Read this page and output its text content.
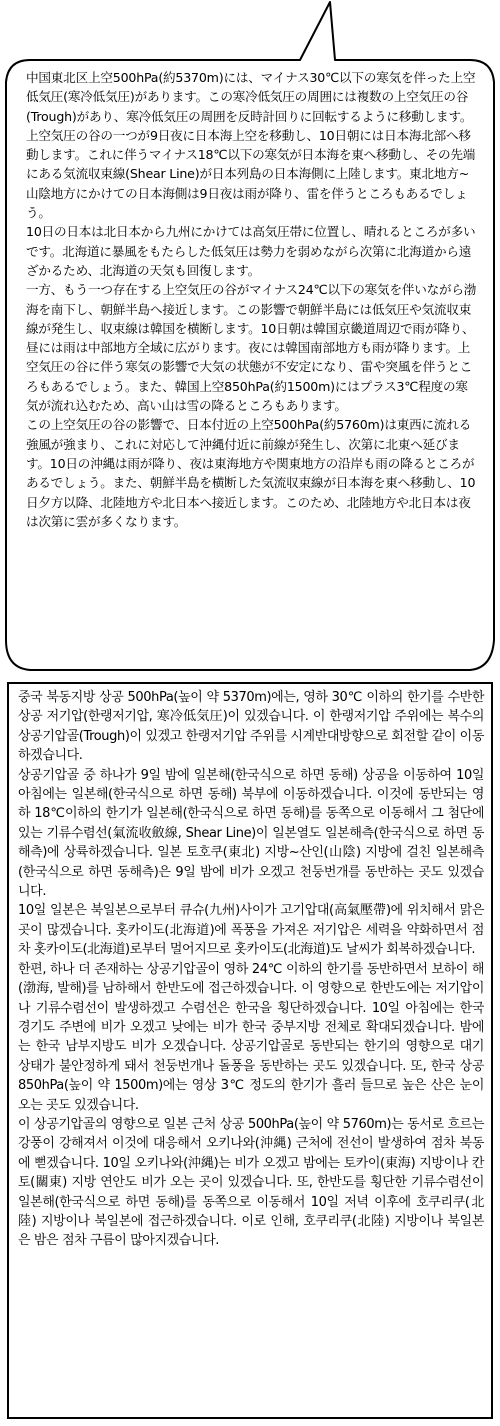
中国東北区上空500hPa(約5370m)には、マイナス30℃以下の寒気を伴った上空低気圧(寒冷低気圧)があります。この寒冷低気圧の周囲には複数の上空気圧の谷(Trough)があり、寒冷低気圧の周囲を反時計回りに回転するように移動します。

上空気圧の谷の一つが9日夜に日本海上空を移動し、10日朝には日本海北部へ移動します。これに伴うマイナス18℃以下の寒気が日本海を東へ移動し、その先端にある気流収束線(Shear Line)が日本列島の日本海側に上陸します。東北地方~山陰地方にかけての日本海側は9日夜は雨が降り、雷を伴うところもあるでしょう。

10日の日本は北日本から九州にかけては高気圧帯に位置し、晴れるところが多いです。北海道に暴風をもたらした低気圧は勢力を弱めながら次第に北海道から遠ざかるため、北海道の天気も回復します。

一方、もう一つ存在する上空気圧の谷がマイナス24℃以下の寒気を伴いながら渤海を南下し、朝鮮半島へ接近します。この影響で朝鮮半島には低気圧や気流収束線が発生し、収束線は韓国を横断します。10日朝は韓国京畿道周辺で雨が降り、昼には雨は中部地方全域に広がります。夜には韓国南部地方も雨が降ります。上空気圧の谷に伴う寒気の影響で大気の状態が不安定になり、雷や突風を伴うところもあるでしょう。また、韓国上空850hPa(約1500m)にはプラス3℃程度の寒気が流れ込むため、高い山は雪の降るところもあります。

この上空気圧の谷の影響で、日本付近の上空500hPa(約5760m)は東西に流れる強風が強まり、これに対応して沖縄付近に前線が発生し、次第に北東へ延びます。10日の沖縄は雨が降り、夜は東海地方や関東地方の沿岸も雨の降るところがあるでしょう。また、朝鮮半島を横断した気流収束線が日本海を東へ移動し、10日夕方以降、北陸地方や北日本へ接近します。このため、北陸地方や北日本は夜は次第に雲が多くなります。

중국 북동지방 상공 500hPa(높이 약 5370m)에는, 영하 30℃ 이하의 한기를 수반한 상공 저기압(한랭저기압, 寒冷低気圧)이 있겠습니다. 이 한랭저기압 주위에는 복수의 상공기압골(Trough)이 있겠고 한랭저기압 주위를 시계반대방향으로 회전할 같이 이동하겠습니다.

상공기압골 중 하나가 9일 밤에 일본해(한국식으로 하면 동해) 상공을 이동하여 10일 아침에는 일본해(한국식으로 하면 동해) 북부에 이동하겠습니다. 이것에 동반되는 영하 18℃이하의 한기가 일본해(한국식으로 하면 동해)를 동쪽으로 이동해서 그 첨단에 있는 기류수렴선(氣流收斂線, Shear Line)이 일본열도 일본해측(한국식으로 하면 동해측)에 상륙하겠습니다. 일본 토호쿠(東北) 지방~산인(山陰) 지방에 걸친 일본해측(한국식으로 하면 동해측)은 9일 밤에 비가 오겠고 천둥번개를 동반하는 곳도 있겠습니다.

10일 일본은 북일본으로부터 큐슈(九州)사이가 고기압대(高氣壓帶)에 위치해서 맑은 곳이 많겠습니다. 홋카이도(北海道)에 폭풍을 가져온 저기압은 세력을 약화하면서 점차 홋카이도(北海道)로부터 멀어지므로 홋카이도(北海道)도 날씨가 회복하겠습니다.

한편, 하나 더 존재하는 상공기압골이 영하 24℃ 이하의 한기를 동반하면서 보하이 해(渤海, 발해)를 남하해서 한반도에 접근하겠습니다. 이 영향으로 한반도에는 저기압이나 기류수렴선이 발생하겠고 수렴선은 한국을 횡단하겠습니다. 10일 아침에는 한국 경기도 주변에 비가 오겠고 낮에는 비가 한국 중부지방 전체로 확대되겠습니다. 밤에는 한국 남부지방도 비가 오겠습니다. 상공기압골로 동반되는 한기의 영향으로 대기 상태가 불안정하게 돼서 천둥번개나 돌풍을 동반하는 곳도 있겠습니다. 또, 한국 상공 850hPa(높이 약 1500m)에는 영상 3℃ 정도의 한기가 흘러 들므로 높은 산은 눈이 오는 곳도 있겠습니다.

이 상공기압골의 영향으로 일본 근처 상공 500hPa(높이 약 5760m)는 동서로 흐르는 강풍이 강해져서 이것에 대응해서 오키나와(沖縄) 근처에 전선이 발생하여 점차 북동에 뻗겠습니다. 10일 오키나와(沖縄)는 비가 오겠고 밤에는 토카이(東海) 지방이나 칸토(關東) 지방 연안도 비가 오는 곳이 있겠습니다. 또, 한반도를 횡단한 기류수렴선이 일본해(한국식으로 하면 동해)를 동쪽으로 이동해서 10일 저녁 이후에 호쿠리쿠(北陸) 지방이나 북일본에 접근하겠습니다. 이로 인해, 호쿠리쿠(北陸) 지방이나 북일본은 밤은 점차 구름이 많아지겠습니다.
